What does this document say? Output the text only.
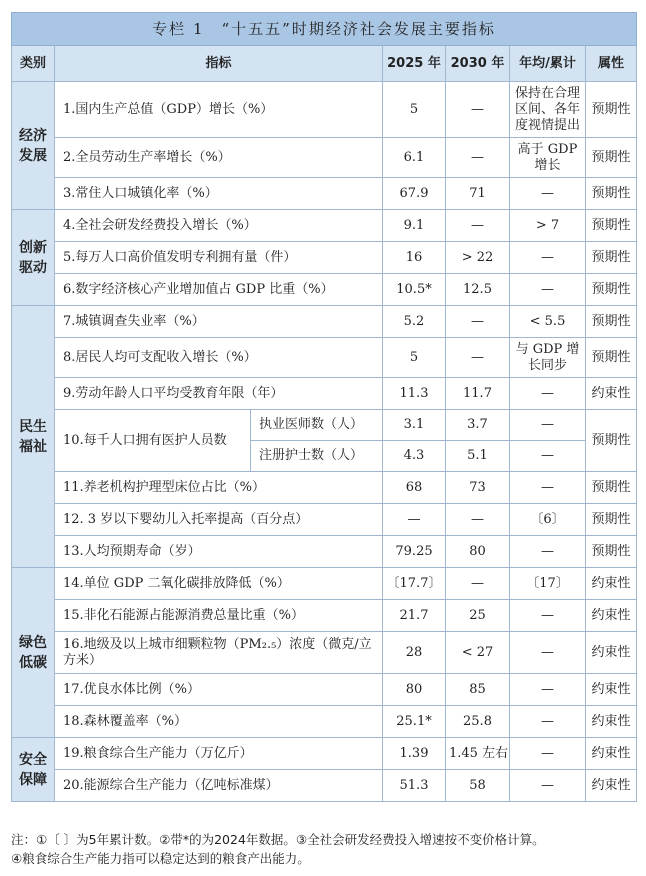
专栏 1　“十五五”时期经济社会发展主要指标						
类别	指标		2025 年	2030 年	年均/累计	属性
经济发展	1.国内生产总值（GDP）增长（%）		5	—	保持在合理区间、各年度视情提出	预期性
	2.全员劳动生产率增长（%）		6.1	—	高于 GDP 增长	预期性
	3.常住人口城镇化率（%）		67.9	71	—	预期性
创新驱动	4.全社会研发经费投入增长（%）		9.1	—	> 7	预期性
	5.每万人口高价值发明专利拥有量（件）		16	> 22	—	预期性
	6.数字经济核心产业增加值占 GDP 比重（%）		10.5*	12.5	—	预期性
民生福祉	7.城镇调查失业率（%）		5.2	—	< 5.5	预期性
	8.居民人均可支配收入增长（%）		5	—	与 GDP 增长同步	预期性
	9.劳动年龄人口平均受教育年限（年）		11.3	11.7	—	约束性
	10.每千人口拥有医护人员数	执业医师数（人）	3.1	3.7	—	预期性
		注册护士数（人）	4.3	5.1	—	
	11.养老机构护理型床位占比（%）		68	73	—	预期性
	12. 3 岁以下婴幼儿入托率提高（百分点）		—	—	〔6〕	预期性
	13.人均预期寿命（岁）		79.25	80	—	预期性
绿色低碳	14.单位 GDP 二氧化碳排放降低（%）		〔17.7〕	—	〔17〕	约束性
	15.非化石能源占能源消费总量比重（%）		21.7	25	—	约束性
	16.地级及以上城市细颗粒物（PM₂.₅）浓度（微克/立方米）		28	< 27	—	约束性
	17.优良水体比例（%）		80	85	—	约束性
	18.森林覆盖率（%）		25.1*	25.8	—	约束性
安全保障	19.粮食综合生产能力（万亿斤）		1.39	1.45 左右	—	约束性
	20.能源综合生产能力（亿吨标准煤）		51.3	58	—	约束性
注：①〔 〕为5年累计数。②带*的为2024年数据。③全社会研发经费投入增速按不变价格计算。
④粮食综合生产能力指可以稳定达到的粮食产出能力。
